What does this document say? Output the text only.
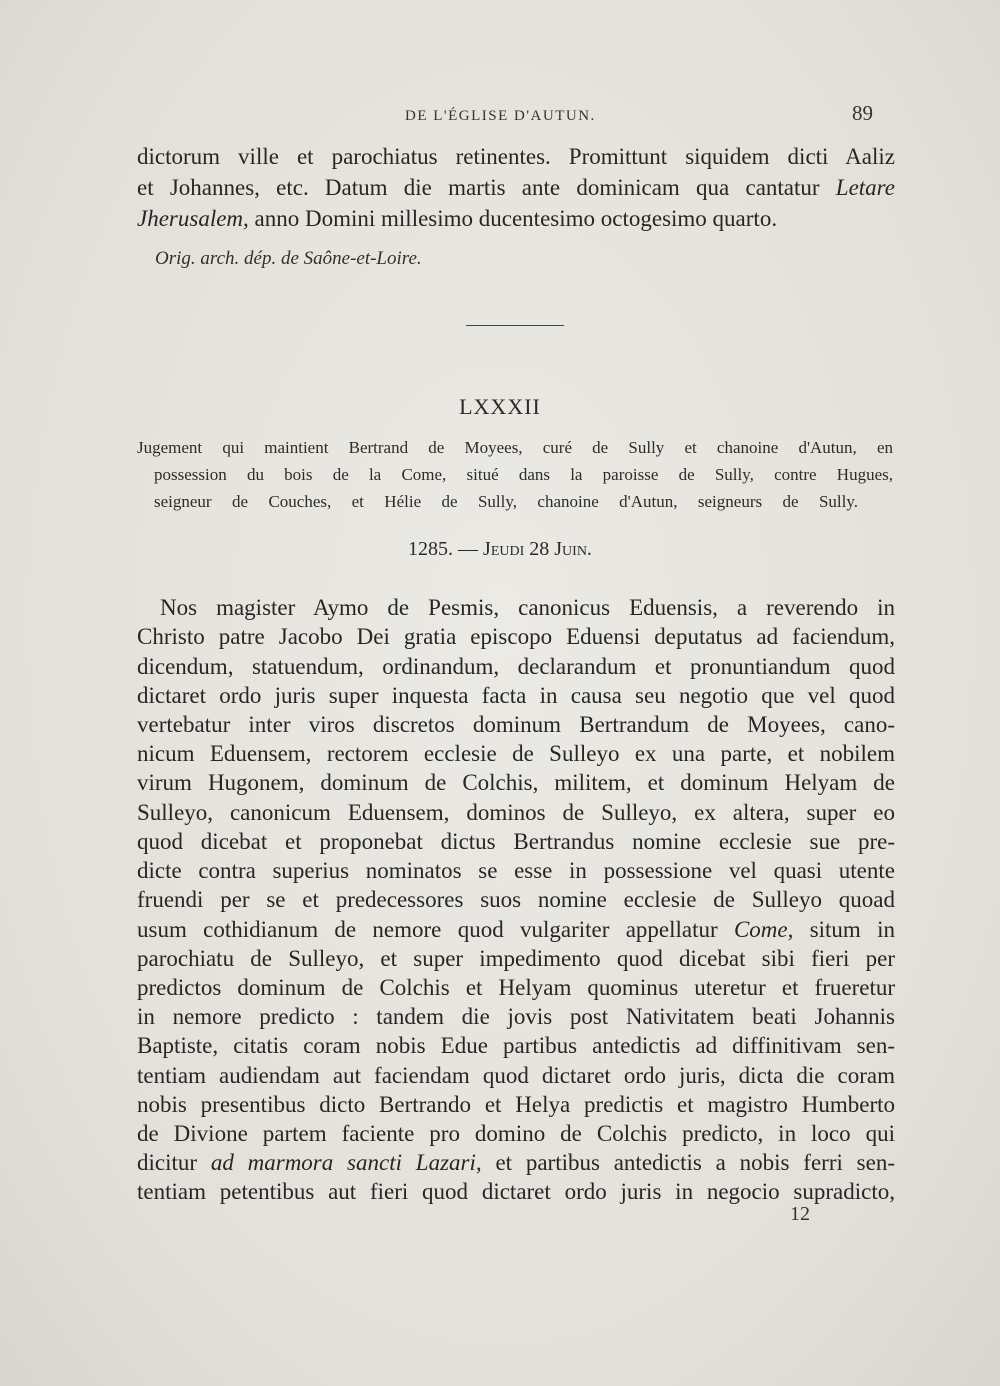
DE L'ÉGLISE D'AUTUN.	89
dictorum ville et parochiatus retinentes. Promittunt siquidem dicti Aaliz
et Johannes, etc. Datum die martis ante dominicam qua cantatur Letare
Jherusalem, anno Domini millesimo ducentesimo octogesimo quarto.
Orig. arch. dép. de Saône-et-Loire.
LXXXII
Jugement qui maintient Bertrand de Moyees, curé de Sully et chanoine d'Autun, en
possession du bois de la Come, situé dans la paroisse de Sully, contre Hugues,
seigneur de Couches, et Hélie de Sully, chanoine d'Autun, seigneurs de Sully.
1285. — Jeudi 28 Juin.
Nos magister Aymo de Pesmis, canonicus Eduensis, a reverendo in
Christo patre Jacobo Dei gratia episcopo Eduensi deputatus ad faciendum,
dicendum, statuendum, ordinandum, declarandum et pronuntiandum quod
dictaret ordo juris super inquesta facta in causa seu negotio que vel quod
vertebatur inter viros discretos dominum Bertrandum de Moyees, cano-
nicum Eduensem, rectorem ecclesie de Sulleyo ex una parte, et nobilem
virum Hugonem, dominum de Colchis, militem, et dominum Helyam de
Sulleyo, canonicum Eduensem, dominos de Sulleyo, ex altera, super eo
quod dicebat et proponebat dictus Bertrandus nomine ecclesie sue pre-
dicte contra superius nominatos se esse in possessione vel quasi utente
fruendi per se et predecessores suos nomine ecclesie de Sulleyo quoad
usum cothidianum de nemore quod vulgariter appellatur Come, situm in
parochiatu de Sulleyo, et super impedimento quod dicebat sibi fieri per
predictos dominum de Colchis et Helyam quominus uteretur et frueretur
in nemore predicto : tandem die jovis post Nativitatem beati Johannis
Baptiste, citatis coram nobis Edue partibus antedictis ad diffinitivam sen-
tentiam audiendam aut faciendam quod dictaret ordo juris, dicta die coram
nobis presentibus dicto Bertrando et Helya predictis et magistro Humberto
de Divione partem faciente pro domino de Colchis predicto, in loco qui
dicitur ad marmora sancti Lazari, et partibus antedictis a nobis ferri sen-
tentiam petentibus aut fieri quod dictaret ordo juris in negocio supradicto,
12
